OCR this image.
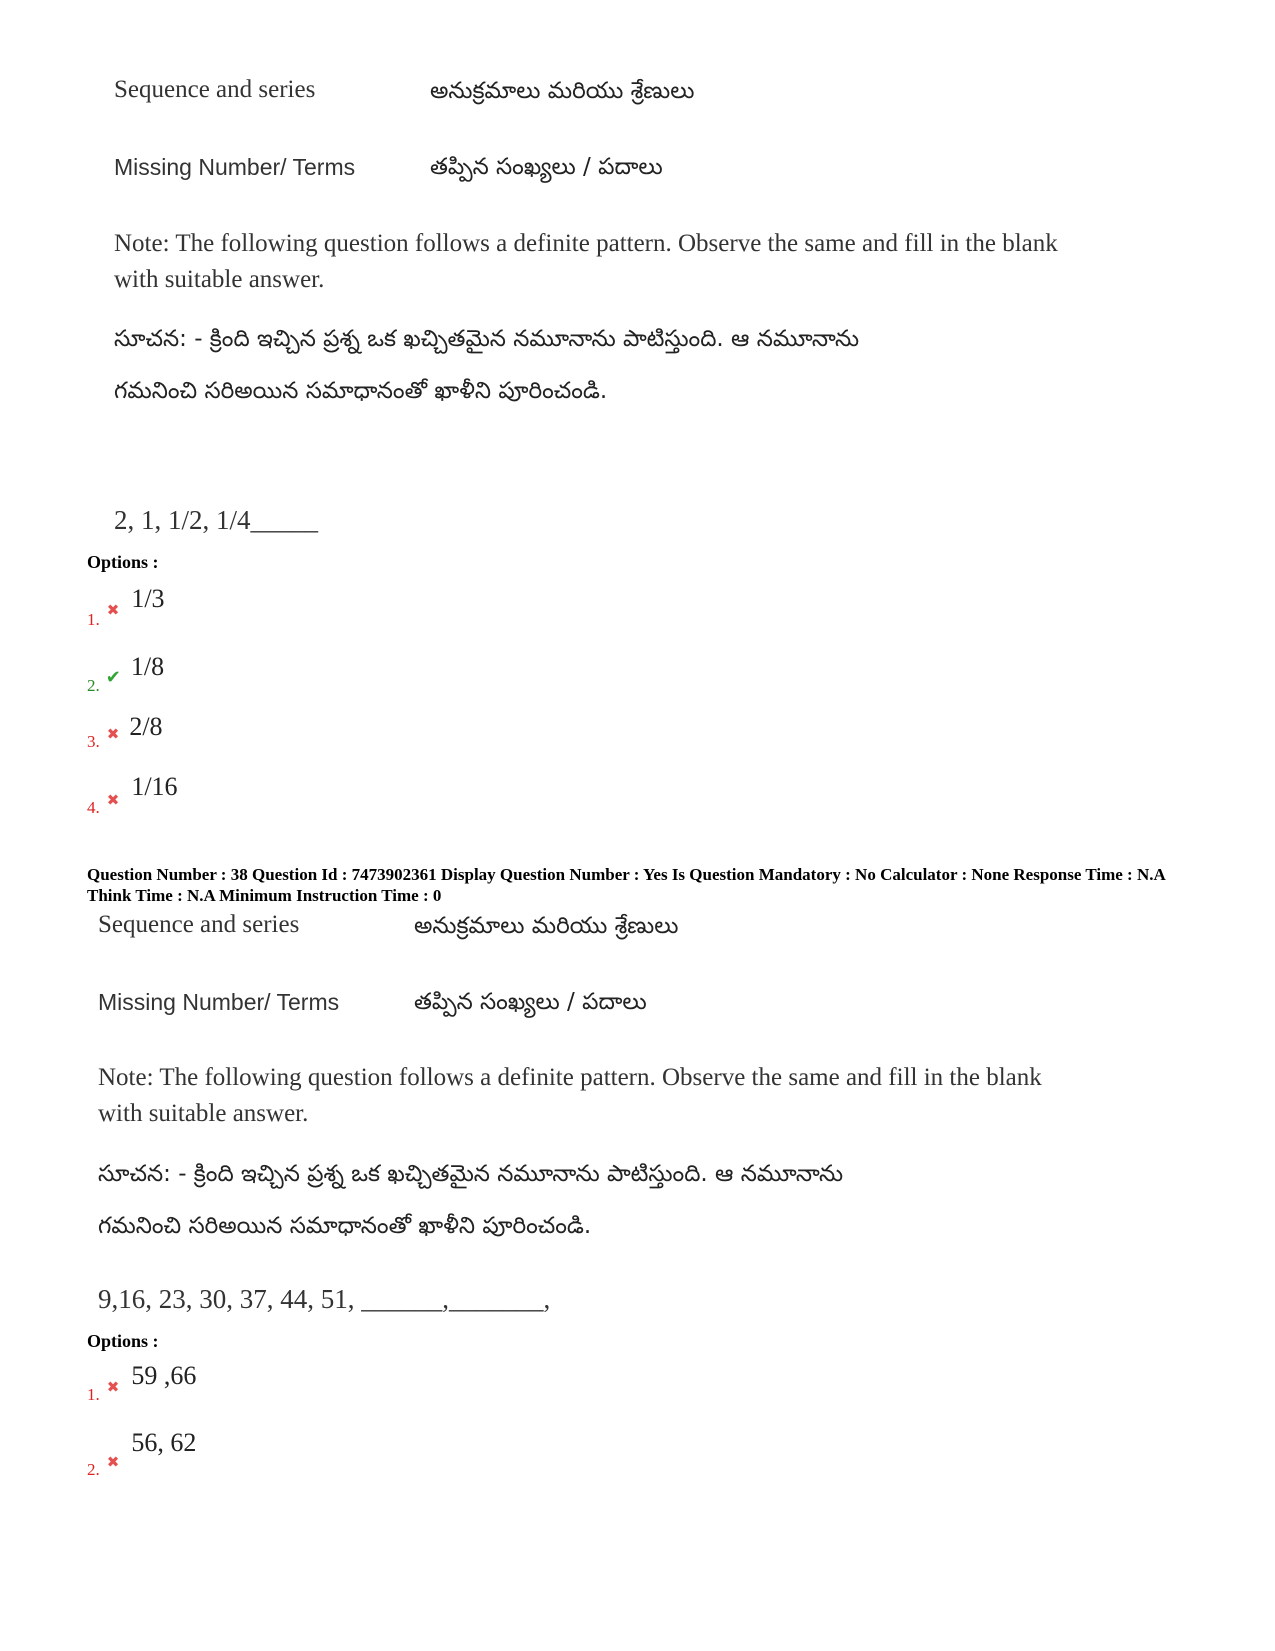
Sequence and series	అనుక్రమాలు మరియు శ్రేణులు
Missing Number/ Terms	తప్పిన సంఖ్యలు / పదాలు
Note: The following question follows a definite pattern. Observe the same and fill in the blank with suitable answer.
సూచన: - క్రింది ఇచ్చిన ప్రశ్న ఒక ఖచ్చితమైన నమూనాను పాటిస్తుంది. ఆ నమూనాను
గమనించి సరిఅయిన సమాధానంతో ఖాళీని పూరించండి.
2, 1, 1/2, 1/4_____
Options :
1. ✖ 1/3
2. ✔ 1/8
3. ✖ 2/8
4. ✖ 1/16
Question Number : 38 Question Id : 7473902361 Display Question Number : Yes Is Question Mandatory : No Calculator : None Response Time : N.A Think Time : N.A Minimum Instruction Time : 0
Sequence and series	అనుక్రమాలు మరియు శ్రేణులు
Missing Number/ Terms	తప్పిన సంఖ్యలు / పదాలు
Note: The following question follows a definite pattern. Observe the same and fill in the blank with suitable answer.
సూచన: - క్రింది ఇచ్చిన ప్రశ్న ఒక ఖచ్చితమైన నమూనాను పాటిస్తుంది. ఆ నమూనాను
గమనించి సరిఅయిన సమాధానంతో ఖాళీని పూరించండి.
9,16, 23, 30, 37, 44, 51, ______,_______,
Options :
1. ✖ 59 ,66
2. ✖ 56, 62
